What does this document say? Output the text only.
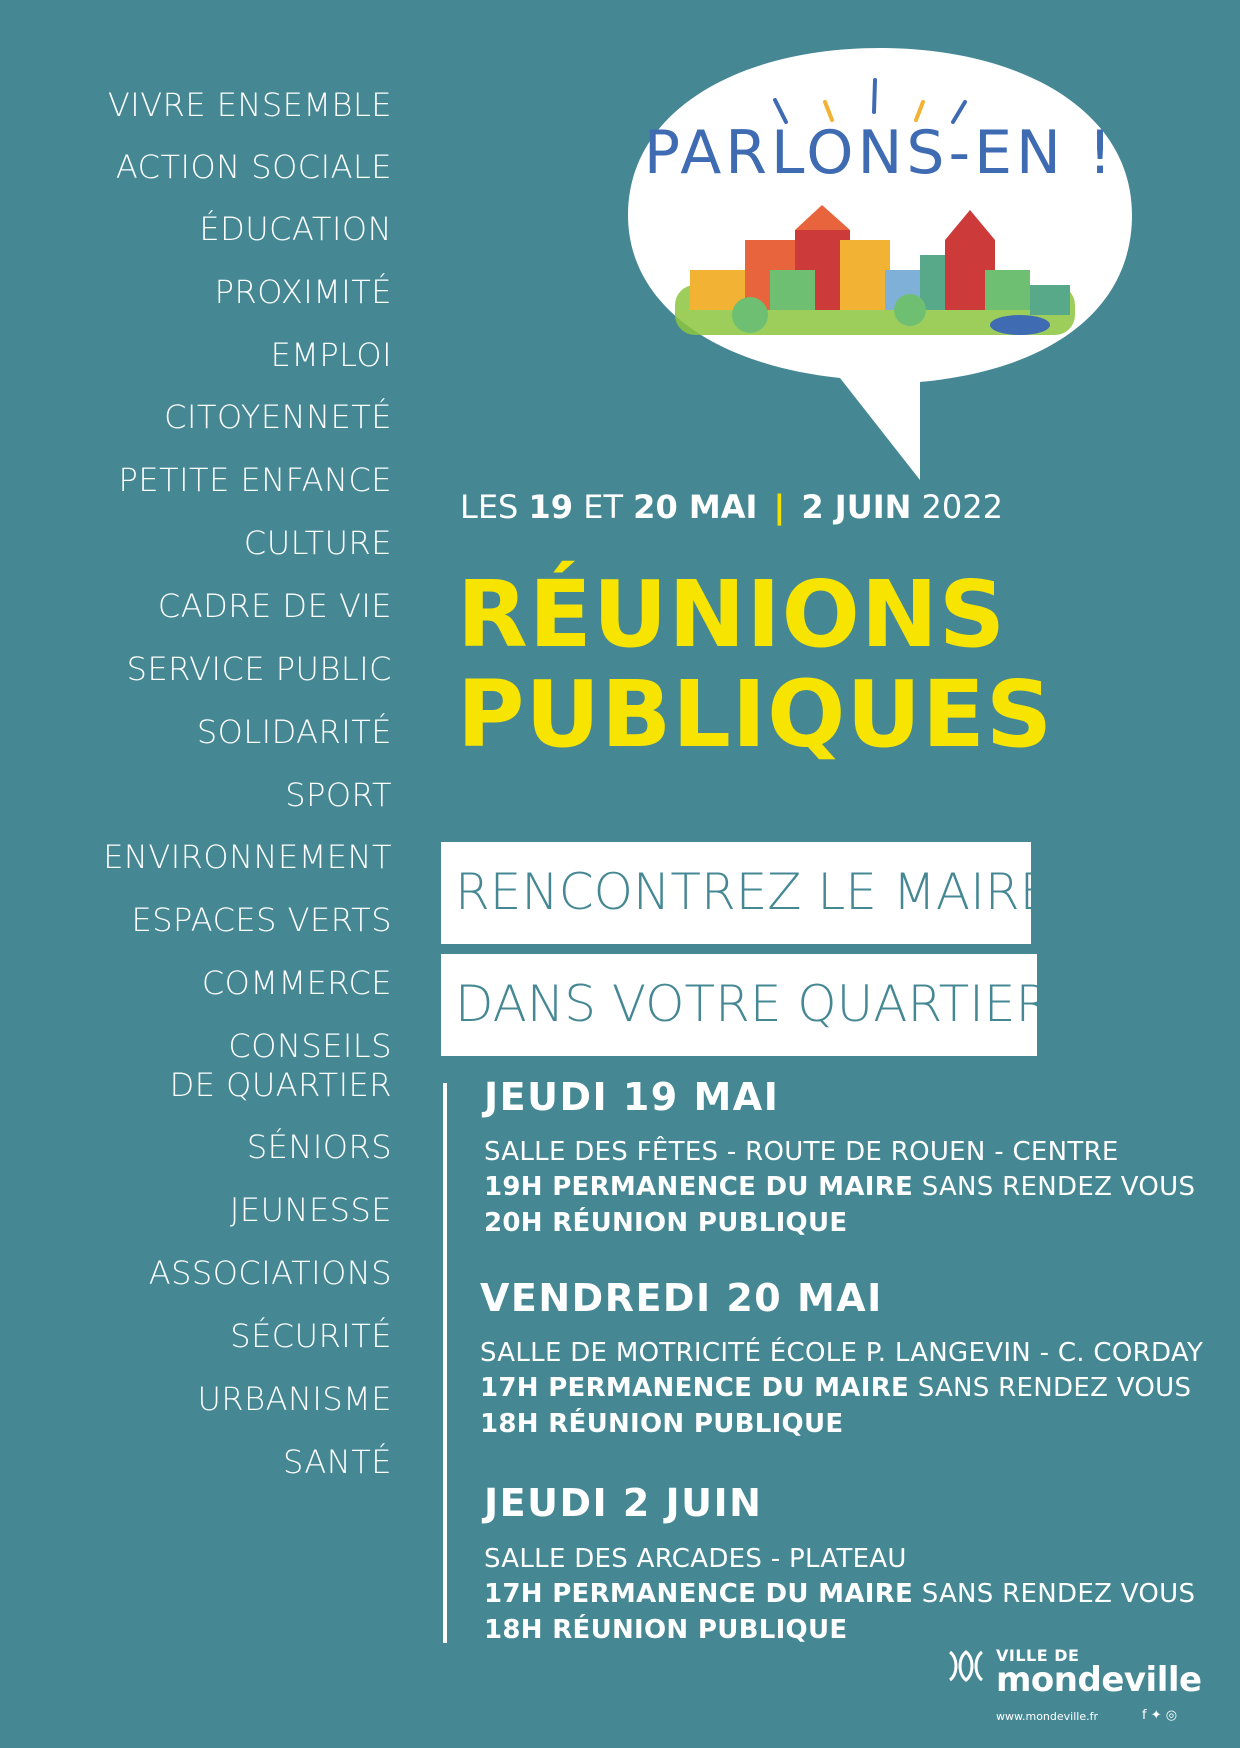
VIVRE ENSEMBLE
ACTION SOCIALE
ÉDUCATION
PROXIMITÉ
EMPLOI
CITOYENNETÉ
PETITE ENFANCE
CULTURE
CADRE DE VIE
SERVICE PUBLIC
SOLIDARITÉ
SPORT
ENVIRONNEMENT
ESPACES VERTS
COMMERCE
CONSEILS
DE QUARTIER
SÉNIORS
JEUNESSE
ASSOCIATIONS
SÉCURITÉ
URBANISME
SANTÉ
PARLONS-EN !
LES 19 ET 20 MAI | 2 JUIN 2022
RÉUNIONS
PUBLIQUES
RENCONTREZ LE MAIRE
DANS VOTRE QUARTIER
JEUDI 19 MAI
SALLE DES FÊTES - ROUTE DE ROUEN - CENTRE
19H PERMANENCE DU MAIRE SANS RENDEZ VOUS
20H RÉUNION PUBLIQUE
VENDREDI 20 MAI
SALLE DE MOTRICITÉ ÉCOLE P. LANGEVIN - C. CORDAY
17H PERMANENCE DU MAIRE SANS RENDEZ VOUS
18H RÉUNION PUBLIQUE
JEUDI 2 JUIN
SALLE DES ARCADES - PLATEAU
17H PERMANENCE DU MAIRE SANS RENDEZ VOUS
18H RÉUNION PUBLIQUE
VILLE DE
mondeville
www.mondeville.fr	f ✦ ◎
